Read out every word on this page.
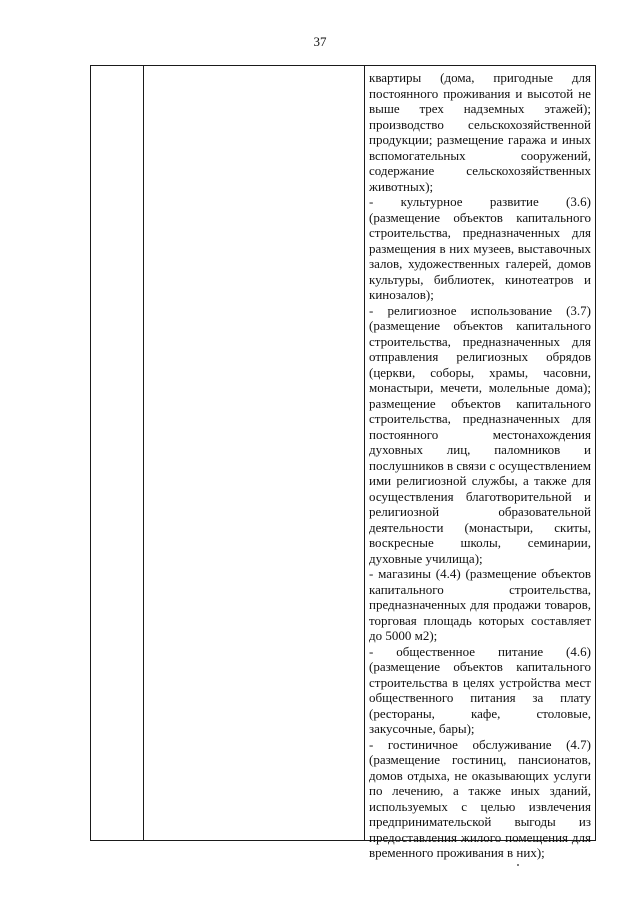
37
квартиры (дома, пригодные для
постоянного проживания и высотой не
выше трех надземных этажей);
производство сельскохозяйственной
продукции; размещение гаража и иных
вспомогательных	сооружений,
содержание сельскохозяйственных
животных);
- культурное развитие (3.6)
(размещение объектов капитального
строительства, предназначенных для
размещения в них музеев, выставочных
залов, художественных галерей, домов
культуры, библиотек, кинотеатров и
кинозалов);
- религиозное использование (3.7)
(размещение объектов капитального
строительства, предназначенных для
отправления религиозных обрядов
(церкви, соборы, храмы, часовни,
монастыри, мечети, молельные дома);
размещение объектов капитального
строительства, предназначенных для
постоянного	местонахождения
духовных лиц, паломников и
послушников в связи с осуществлением
ими религиозной службы, а также для
осуществления благотворительной и
религиозной	образовательной
деятельности (монастыри, скиты,
воскресные школы, семинарии,
духовные училища);
- магазины (4.4) (размещение объектов
капитального	строительства,
предназначенных для продажи товаров,
торговая площадь которых составляет
до 5000 м2);
- общественное питание (4.6)
(размещение объектов капитального
строительства в целях устройства мест
общественного питания за плату
(рестораны,	кафе,	столовые,
закусочные, бары);
- гостиничное обслуживание (4.7)
(размещение гостиниц, пансионатов,
домов отдыха, не оказывающих услуги
по лечению, а также иных зданий,
используемых с целью извлечения
предпринимательской выгоды из
предоставления жилого помещения для
временного проживания в них);
